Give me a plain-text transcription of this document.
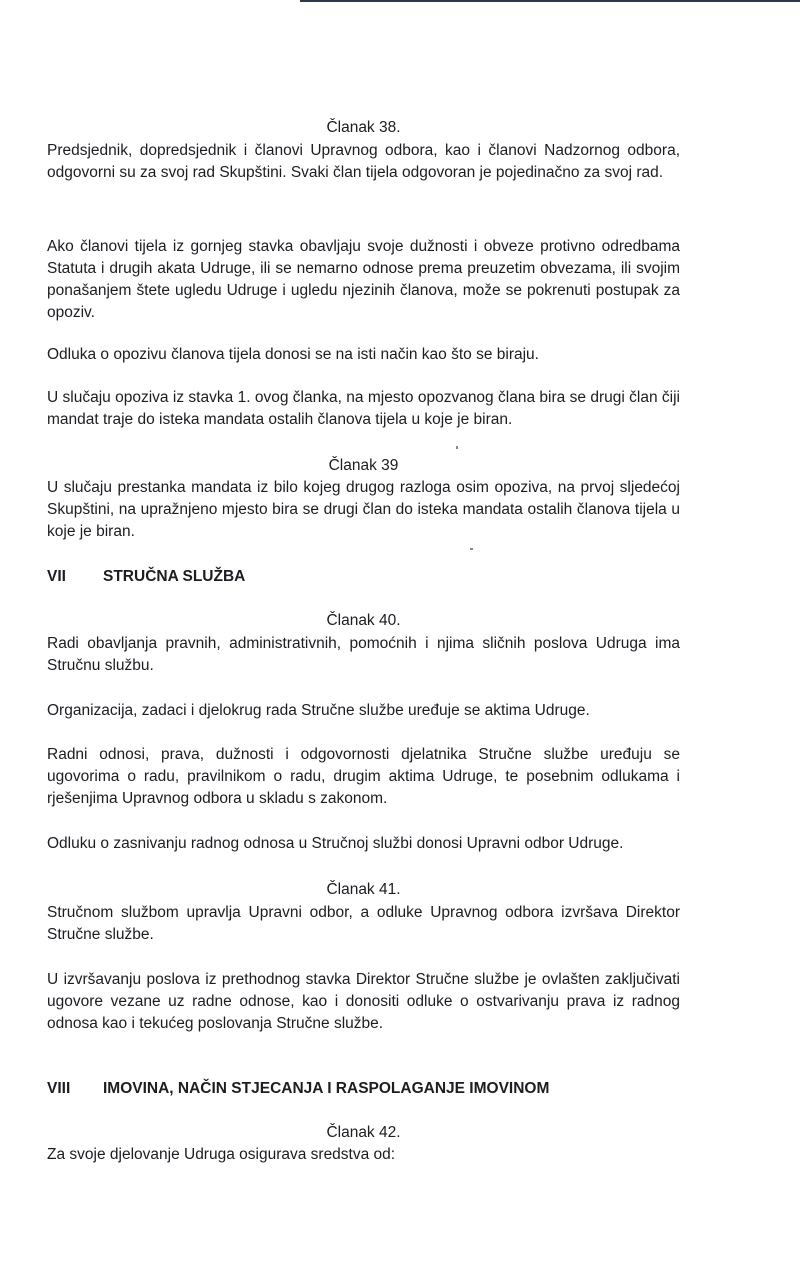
Članak 38.

Predsjednik, dopredsjednik i članovi Upravnog odbora, kao i članovi Nadzornog odbora, odgovorni su za svoj rad Skupštini. Svaki član tijela odgovoran je pojedinačno za svoj rad.

Ako članovi tijela iz gornjeg stavka obavljaju svoje dužnosti i obveze protivno odredbama Statuta i drugih akata Udruge, ili se nemarno odnose prema preuzetim obvezama, ili svojim ponašanjem štete ugledu Udruge i ugledu njezinih članova, može se pokrenuti postupak za opoziv.

Odluka o opozivu članova tijela donosi se na isti način kao što se biraju.

U slučaju opoziva iz stavka 1. ovog članka, na mjesto opozvanog člana bira se drugi član čiji mandat traje do isteka mandata ostalih članova tijela u koje je biran.

Članak 39

U slučaju prestanka mandata iz bilo kojeg drugog razloga osim opoziva, na prvoj sljedećoj Skupštini, na upražnjeno mjesto bira se drugi član do isteka mandata ostalih članova tijela u koje je biran.

VII	STRUČNA SLUŽBA
Članak 40.

Radi obavljanja pravnih, administrativnih, pomoćnih i njima sličnih poslova Udruga ima Stručnu službu.

Organizacija, zadaci i djelokrug rada Stručne službe uređuje se aktima Udruge.

Radni odnosi, prava, dužnosti i odgovornosti djelatnika Stručne službe uređuju se ugovorima o radu, pravilnikom o radu, drugim aktima Udruge, te posebnim odlukama i rješenjima Upravnog odbora u skladu s zakonom.

Odluku o zasnivanju radnog odnosa u Stručnoj službi donosi Upravni odbor Udruge.

Članak 41.

Stručnom službom upravlja Upravni odbor, a odluke Upravnog odbora izvršava Direktor Stručne službe.

U izvršavanju poslova iz prethodnog stavka Direktor Stručne službe je ovlašten zaključivati ugovore vezane uz radne odnose, kao i donositi odluke o ostvarivanju prava iz radnog odnosa kao i tekućeg poslovanja Stručne službe.

VIII	IMOVINA, NAČIN STJECANJA I RASPOLAGANJE IMOVINOM
Članak 42.

Za svoje djelovanje Udruga osigurava sredstva od:
